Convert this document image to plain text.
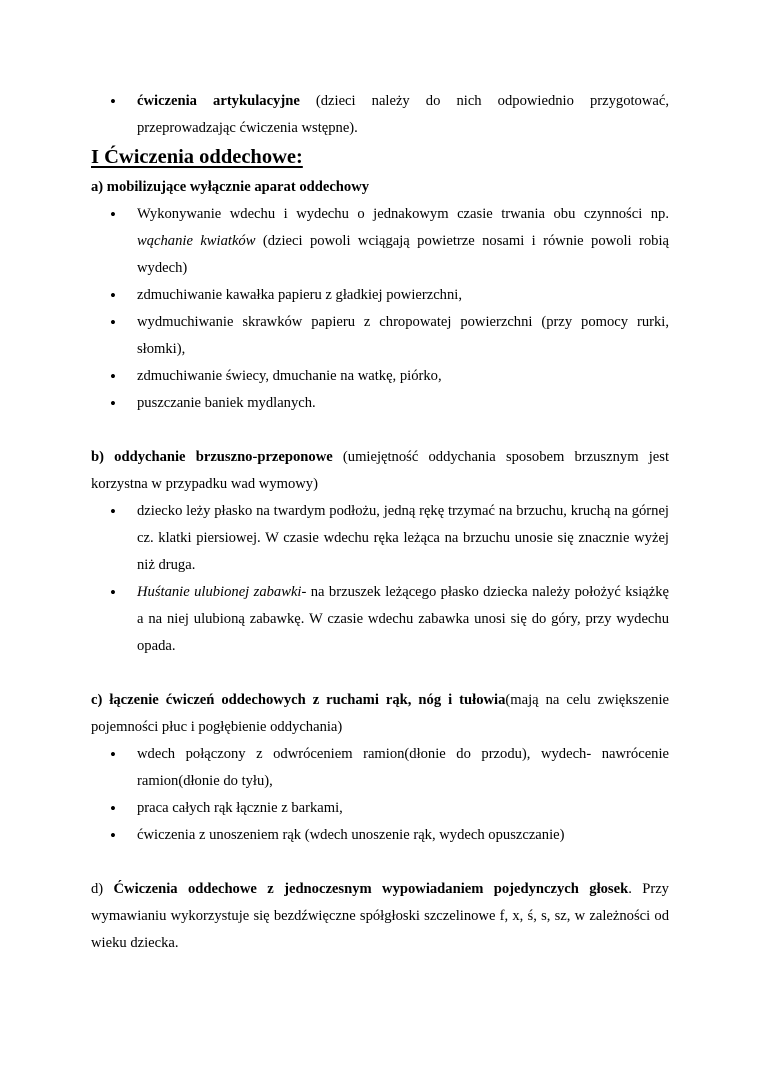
• ćwiczenia artykulacyjne (dzieci należy do nich odpowiednio przygotować, przeprowadzając ćwiczenia wstępne).
I Ćwiczenia oddechowe:

a) mobilizujące wyłącznie aparat oddechowy

• Wykonywanie wdechu i wydechu o jednakowym czasie trwania obu czynności np. wąchanie kwiatków (dzieci powoli wciągają powietrze nosami i równie powoli robią wydech)
• zdmuchiwanie kawałka papieru z gładkiej powierzchni,
• wydmuchiwanie skrawków papieru z chropowatej powierzchni (przy pomocy rurki, słomki),
• zdmuchiwanie świecy, dmuchanie na watkę, piórko,
• puszczanie baniek mydlanych.

b) oddychanie brzuszno-przeponowe (umiejętność oddychania sposobem brzusznym jest korzystna w przypadku wad wymowy)

• dziecko leży płasko na twardym podłożu, jedną rękę trzymać na brzuchu, kruchą na górnej cz. klatki piersiowej. W czasie wdechu ręka leżąca na brzuchu unosie się znacznie wyżej niż druga.
• Huśtanie ulubionej zabawki- na brzuszek leżącego płasko dziecka należy położyć książkę a na niej ulubioną zabawkę. W czasie wdechu zabawka unosi się do góry, przy wydechu opada.

c) łączenie ćwiczeń oddechowych z ruchami rąk, nóg i tułowia(mają na celu zwiększenie pojemności płuc i pogłębienie oddychania)

• wdech połączony z odwróceniem ramion(dłonie do przodu), wydech- nawrócenie ramion(dłonie do tyłu),
• praca całych rąk łącznie z barkami,
• ćwiczenia z unoszeniem rąk (wdech unoszenie rąk, wydech opuszczanie)

d) Ćwiczenia oddechowe z jednoczesnym wypowiadaniem pojedynczych głosek. Przy wymawianiu wykorzystuje się bezdźwięczne spółgłoski szczelinowe f, x, ś, s, sz, w zależności od wieku dziecka.
